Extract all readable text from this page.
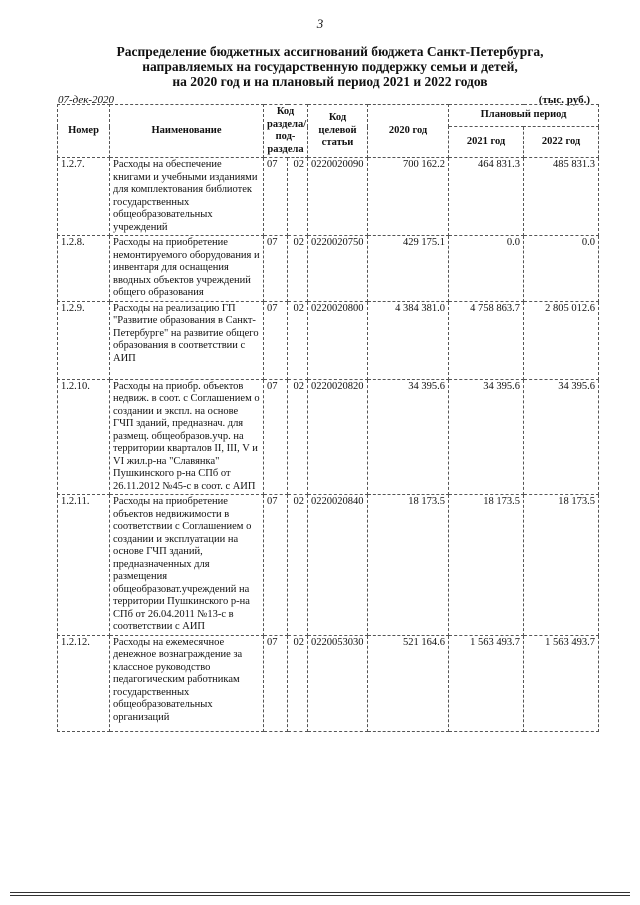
3
Распределение бюджетных ассигнований бюджета Санкт-Петербурга,
направляемых на государственную поддержку семьи и детей,
на 2020 год и на плановый период 2021 и 2022 годов
07-дек-2020	(тыс. руб.)
Номер	Наименование	Код раздела/ под-раздела		Код целевой статьи	2020 год	Плановый период	
						2021 год	2022 год
1.2.7.	Расходы на обеспечение книгами и учебными изданиями для комплектования библиотек государственных общеобразовательных учреждений	07	02	0220020090	700 162.2	464 831.3	485 831.3
1.2.8.	Расходы на приобретение немонтируемого оборудования и инвентаря для оснащения вводных объектов учреждений общего образования	07	02	0220020750	429 175.1	0.0	0.0
1.2.9.	Расходы на реализацию ГП "Развитие образования в Санкт-Петербурге" на развитие общего образования в соответствии с АИП	07	02	0220020800	4 384 381.0	4 758 863.7	2 805 012.6
1.2.10.	Расходы на приобр. объектов недвиж. в соот. с Соглашением о создании и экспл. на основе ГЧП зданий, предназнач. для размещ. общеобразов.учр. на территории кварталов II, III, V и VI жил.р-на "Славянка" Пушкинского р-на СПб от 26.11.2012 №45-с в соот. с АИП	07	02	0220020820	34 395.6	34 395.6	34 395.6
1.2.11.	Расходы на приобретение объектов недвижимости в соответствии с Соглашением о создании и эксплуатации на основе ГЧП зданий, предназначенных для размещения общеобразоват.учреждений на территории Пушкинского р-на СПб от 26.04.2011 №13-с в соответствии с АИП	07	02	0220020840	18 173.5	18 173.5	18 173.5
1.2.12.	Расходы на ежемесячное денежное вознаграждение за классное руководство педагогическим работникам государственных общеобразовательных организаций	07	02	0220053030	521 164.6	1 563 493.7	1 563 493.7
